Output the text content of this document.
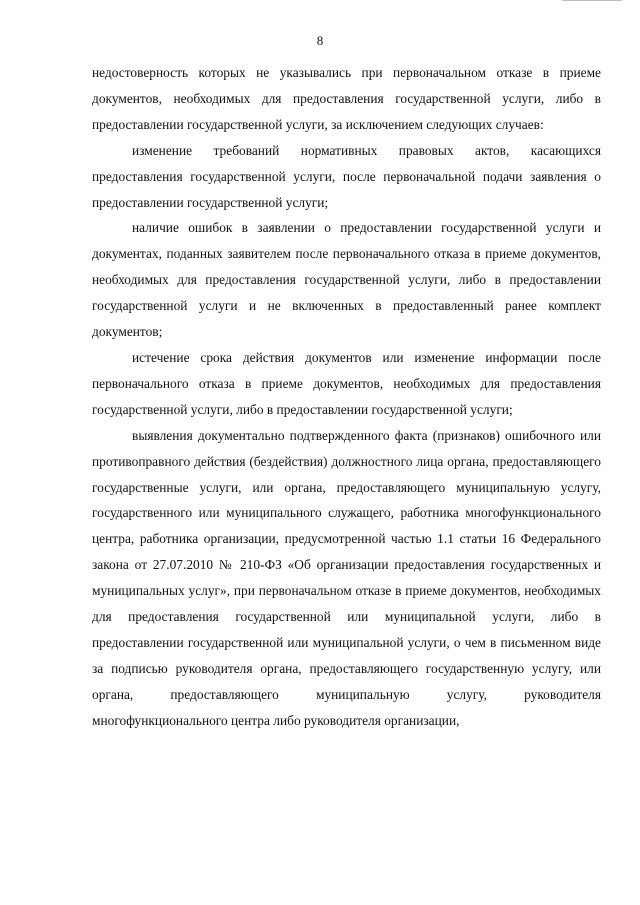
8

недостоверность которых не указывались при первоначальном отказе в приеме документов, необходимых для предоставления государственной услуги, либо в предоставлении государственной услуги, за исключением следующих случаев:

изменение требований нормативных правовых актов, касающихся предоставления государственной услуги, после первоначальной подачи заявления о предоставлении государственной услуги;

наличие ошибок в заявлении о предоставлении государственной услуги и документах, поданных заявителем после первоначального отказа в приеме документов, необходимых для предоставления государственной услуги, либо в предоставлении государственной услуги и не включенных в предоставленный ранее комплект документов;

истечение срока действия документов или изменение информации после первоначального отказа в приеме документов, необходимых для предоставления государственной услуги, либо в предоставлении государственной услуги;

выявления документально подтвержденного факта (признаков) ошибочного или противоправного действия (бездействия) должностного лица органа, предоставляющего государственные услуги, или органа, предоставляющего муниципальную услугу, государственного или муниципального служащего, работника многофункционального центра, работника организации, предусмотренной частью 1.1 статьи 16 Федерального закона от 27.07.2010 № 210-ФЗ «Об организации предоставления государственных и муниципальных услуг», при первоначальном отказе в приеме документов, необходимых для предоставления государственной или муниципальной услуги, либо в предоставлении государственной или муниципальной услуги, о чем в письменном виде за подписью руководителя органа, предоставляющего государственную услугу, или органа, предоставляющего муниципальную услугу, руководителя многофункционального центра либо руководителя организации,
